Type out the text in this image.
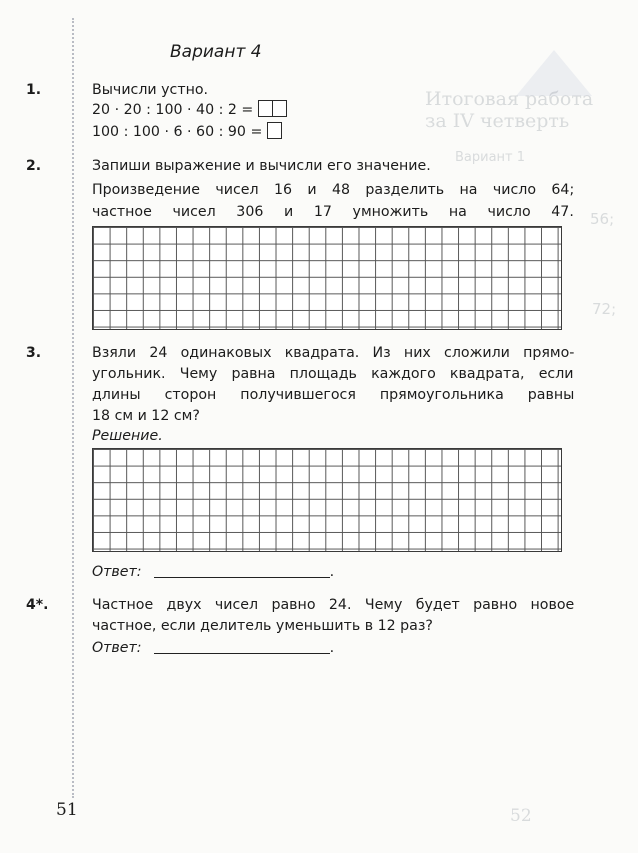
Итоговая работа
за IV четверть
Вариант 1
56;
72;
52
Вариант 4
1.	Вычисли устно.
20 · 20 : 100 · 40 : 2 =
100 : 100 · 6 · 60 : 90 =
2.	Запиши выражение и вычисли его значение.
Произведение чисел 16 и 48 разделить на число 64;
частное чисел 306 и 17 умножить на число 47.
3.	Взяли 24 одинаковых квадрата. Из них сложили прямо-
угольник. Чему равна площадь каждого квадрата, если
длины сторон получившегося прямоугольника равны
18 см и 12 см?
Решение.
Ответ:	.
4*.	Частное двух чисел равно 24. Чему будет равно новое
частное, если делитель уменьшить в 12 раз?
Ответ:	.
51
